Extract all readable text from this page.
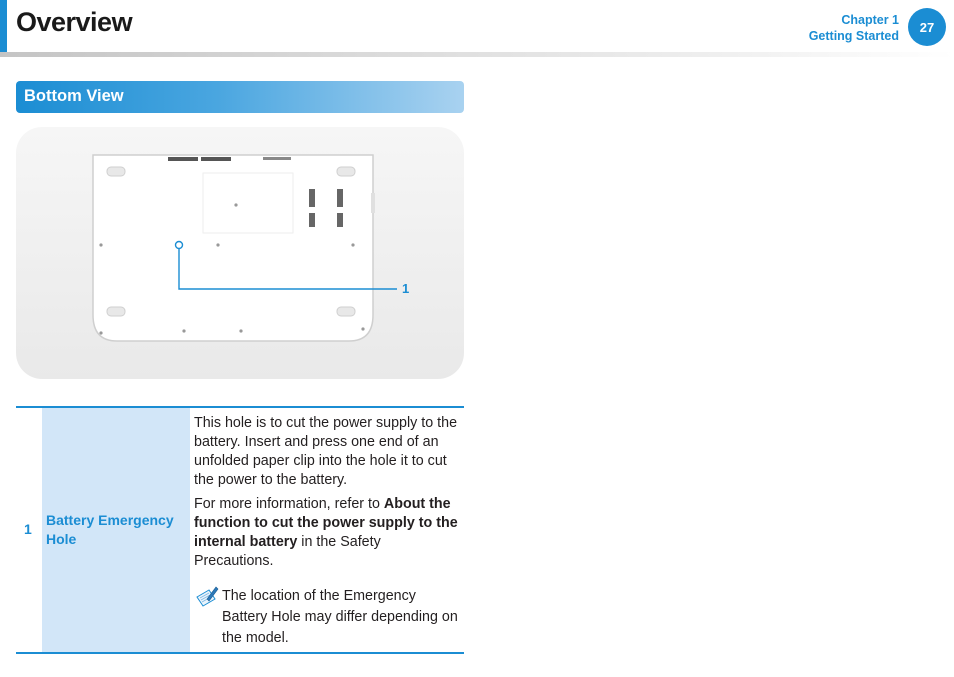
Overview	Chapter 1
Getting Started
27
Bottom View
1
Battery Emergency Hole
1

This hole is to cut the power supply to the battery. Insert and press one end of an unfolded paper clip into the hole it to cut the power to the battery.

For more information, refer to About the function to cut the power supply to the internal battery in the Safety Precautions.

The location of the Emergency Battery Hole may differ depending on the model.
